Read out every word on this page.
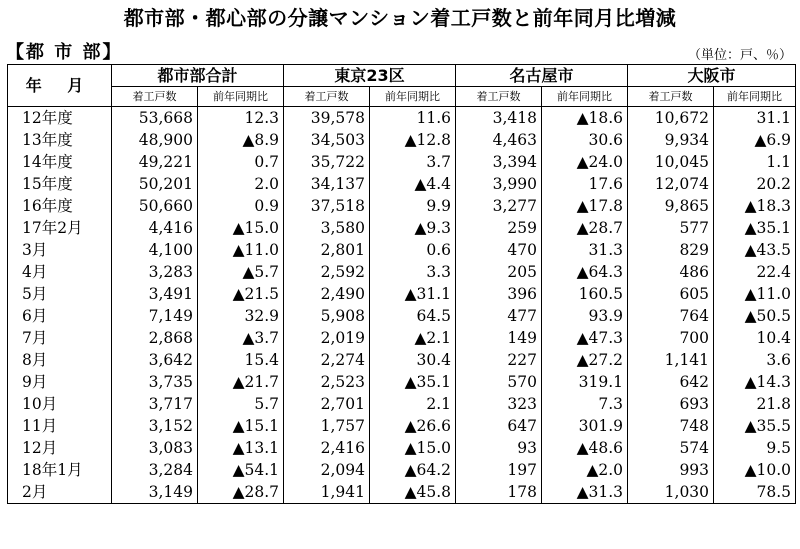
都市部・都心部の分譲マンション着工戸数と前年同月比増減
【都 市 部】	（単位：戸、％）
年 月	都市部合計		東京23区		名古屋市		大阪市	
	着工戸数	前年同期比	着工戸数	前年同期比	着工戸数	前年同期比	着工戸数	前年同期比
12年度	53,668	12.3	39,578	11.6	3,418	▲18.6	10,672	31.1
13年度	48,900	▲8.9	34,503	▲12.8	4,463	30.6	9,934	▲6.9
14年度	49,221	0.7	35,722	3.7	3,394	▲24.0	10,045	1.1
15年度	50,201	2.0	34,137	▲4.4	3,990	17.6	12,074	20.2
16年度	50,660	0.9	37,518	9.9	3,277	▲17.8	9,865	▲18.3
17年2月	4,416	▲15.0	3,580	▲9.3	259	▲28.7	577	▲35.1
3月	4,100	▲11.0	2,801	0.6	470	31.3	829	▲43.5
4月	3,283	▲5.7	2,592	3.3	205	▲64.3	486	22.4
5月	3,491	▲21.5	2,490	▲31.1	396	160.5	605	▲11.0
6月	7,149	32.9	5,908	64.5	477	93.9	764	▲50.5
7月	2,868	▲3.7	2,019	▲2.1	149	▲47.3	700	10.4
8月	3,642	15.4	2,274	30.4	227	▲27.2	1,141	3.6
9月	3,735	▲21.7	2,523	▲35.1	570	319.1	642	▲14.3
10月	3,717	5.7	2,701	2.1	323	7.3	693	21.8
11月	3,152	▲15.1	1,757	▲26.6	647	301.9	748	▲35.5
12月	3,083	▲13.1	2,416	▲15.0	93	▲48.6	574	9.5
18年1月	3,284	▲54.1	2,094	▲64.2	197	▲2.0	993	▲10.0
2月	3,149	▲28.7	1,941	▲45.8	178	▲31.3	1,030	78.5
